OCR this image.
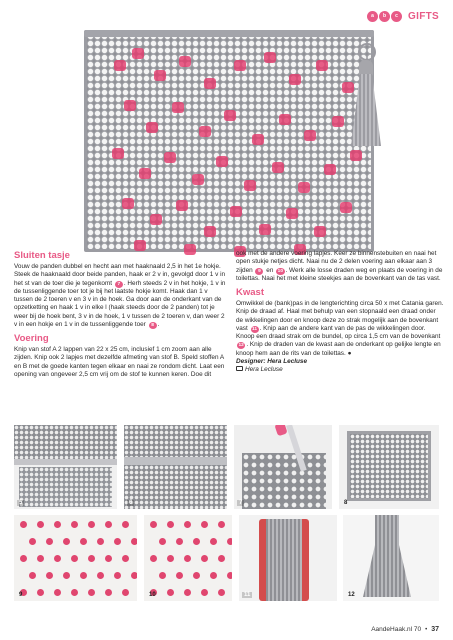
a	b	c	GIFTS
Sluiten tasje
Vouw de panden dubbel en hecht aan met haaknaald 2,5 in het 1e hokje. Steek de haaknaald door beide panden, haak er 2 v in, gevolgd door 1 v in het st van de toer die je tegenkomt 7 . Herh steeds 2 v in het hokje, 1 v in de tussenliggende toer tot je bij het laatste hokje komt. Haak dan 1 v tussen de 2 toeren v en 3 v in de hoek. Ga door aan de onderkant van de opzetketting en haak 1 v in elke l (haak steeds door de 2 panden) tot je weer bij de hoek bent, 3 v in de hoek, 1 v tussen de 2 toeren v, dan weer 2 v in een hokje en 1 v in de tussenliggende toer 8 .
Voering
Knip van stof A 2 lappen van 22 x 25 cm, inclusief 1 cm zoom aan alle zijden. Knip ook 2 lapjes met dezelfde afmeting van stof B. Speld stoffen A en B met de goede kanten tegen elkaar en naai ze rondom dicht. Laat een opening van ongeveer 2,5 cm vrij om de stof te kunnen keren. Doe dit
ook met de andere voering lapjes. Keer ze binnenstebuiten en naai het open stukje netjes dicht. Naai nu de 2 delen voering aan elkaar aan 3 zijden 9 en 10 . Werk alle losse draden weg en plaats de voering in de toilettas. Naai het met kleine steekjes aan de bovenkant van de tas vast.
Kwast
Omwikkel de (bank)pas in de lengterichting circa 50 x met Catania garen. Knip de draad af. Haal met behulp van een stopnaald een draad onder de wikkelingen door en knoop deze zo strak mogelijk aan de bovenkant vast 11 . Knip aan de andere kant van de pas de wikkelingen door. Knoop een draad strak om de bundel, op circa 1,5 cm van de bovenkant 12 . Knip de draden van de kwast aan de onderkant op gelijke lengte en knoop hem aan de rits van de toilettas. ●
Designer: Hera Lecluse
Hera Lecluse
5	6	7	8
9	10	11	12
AandeHaak.nl 70 • 37
